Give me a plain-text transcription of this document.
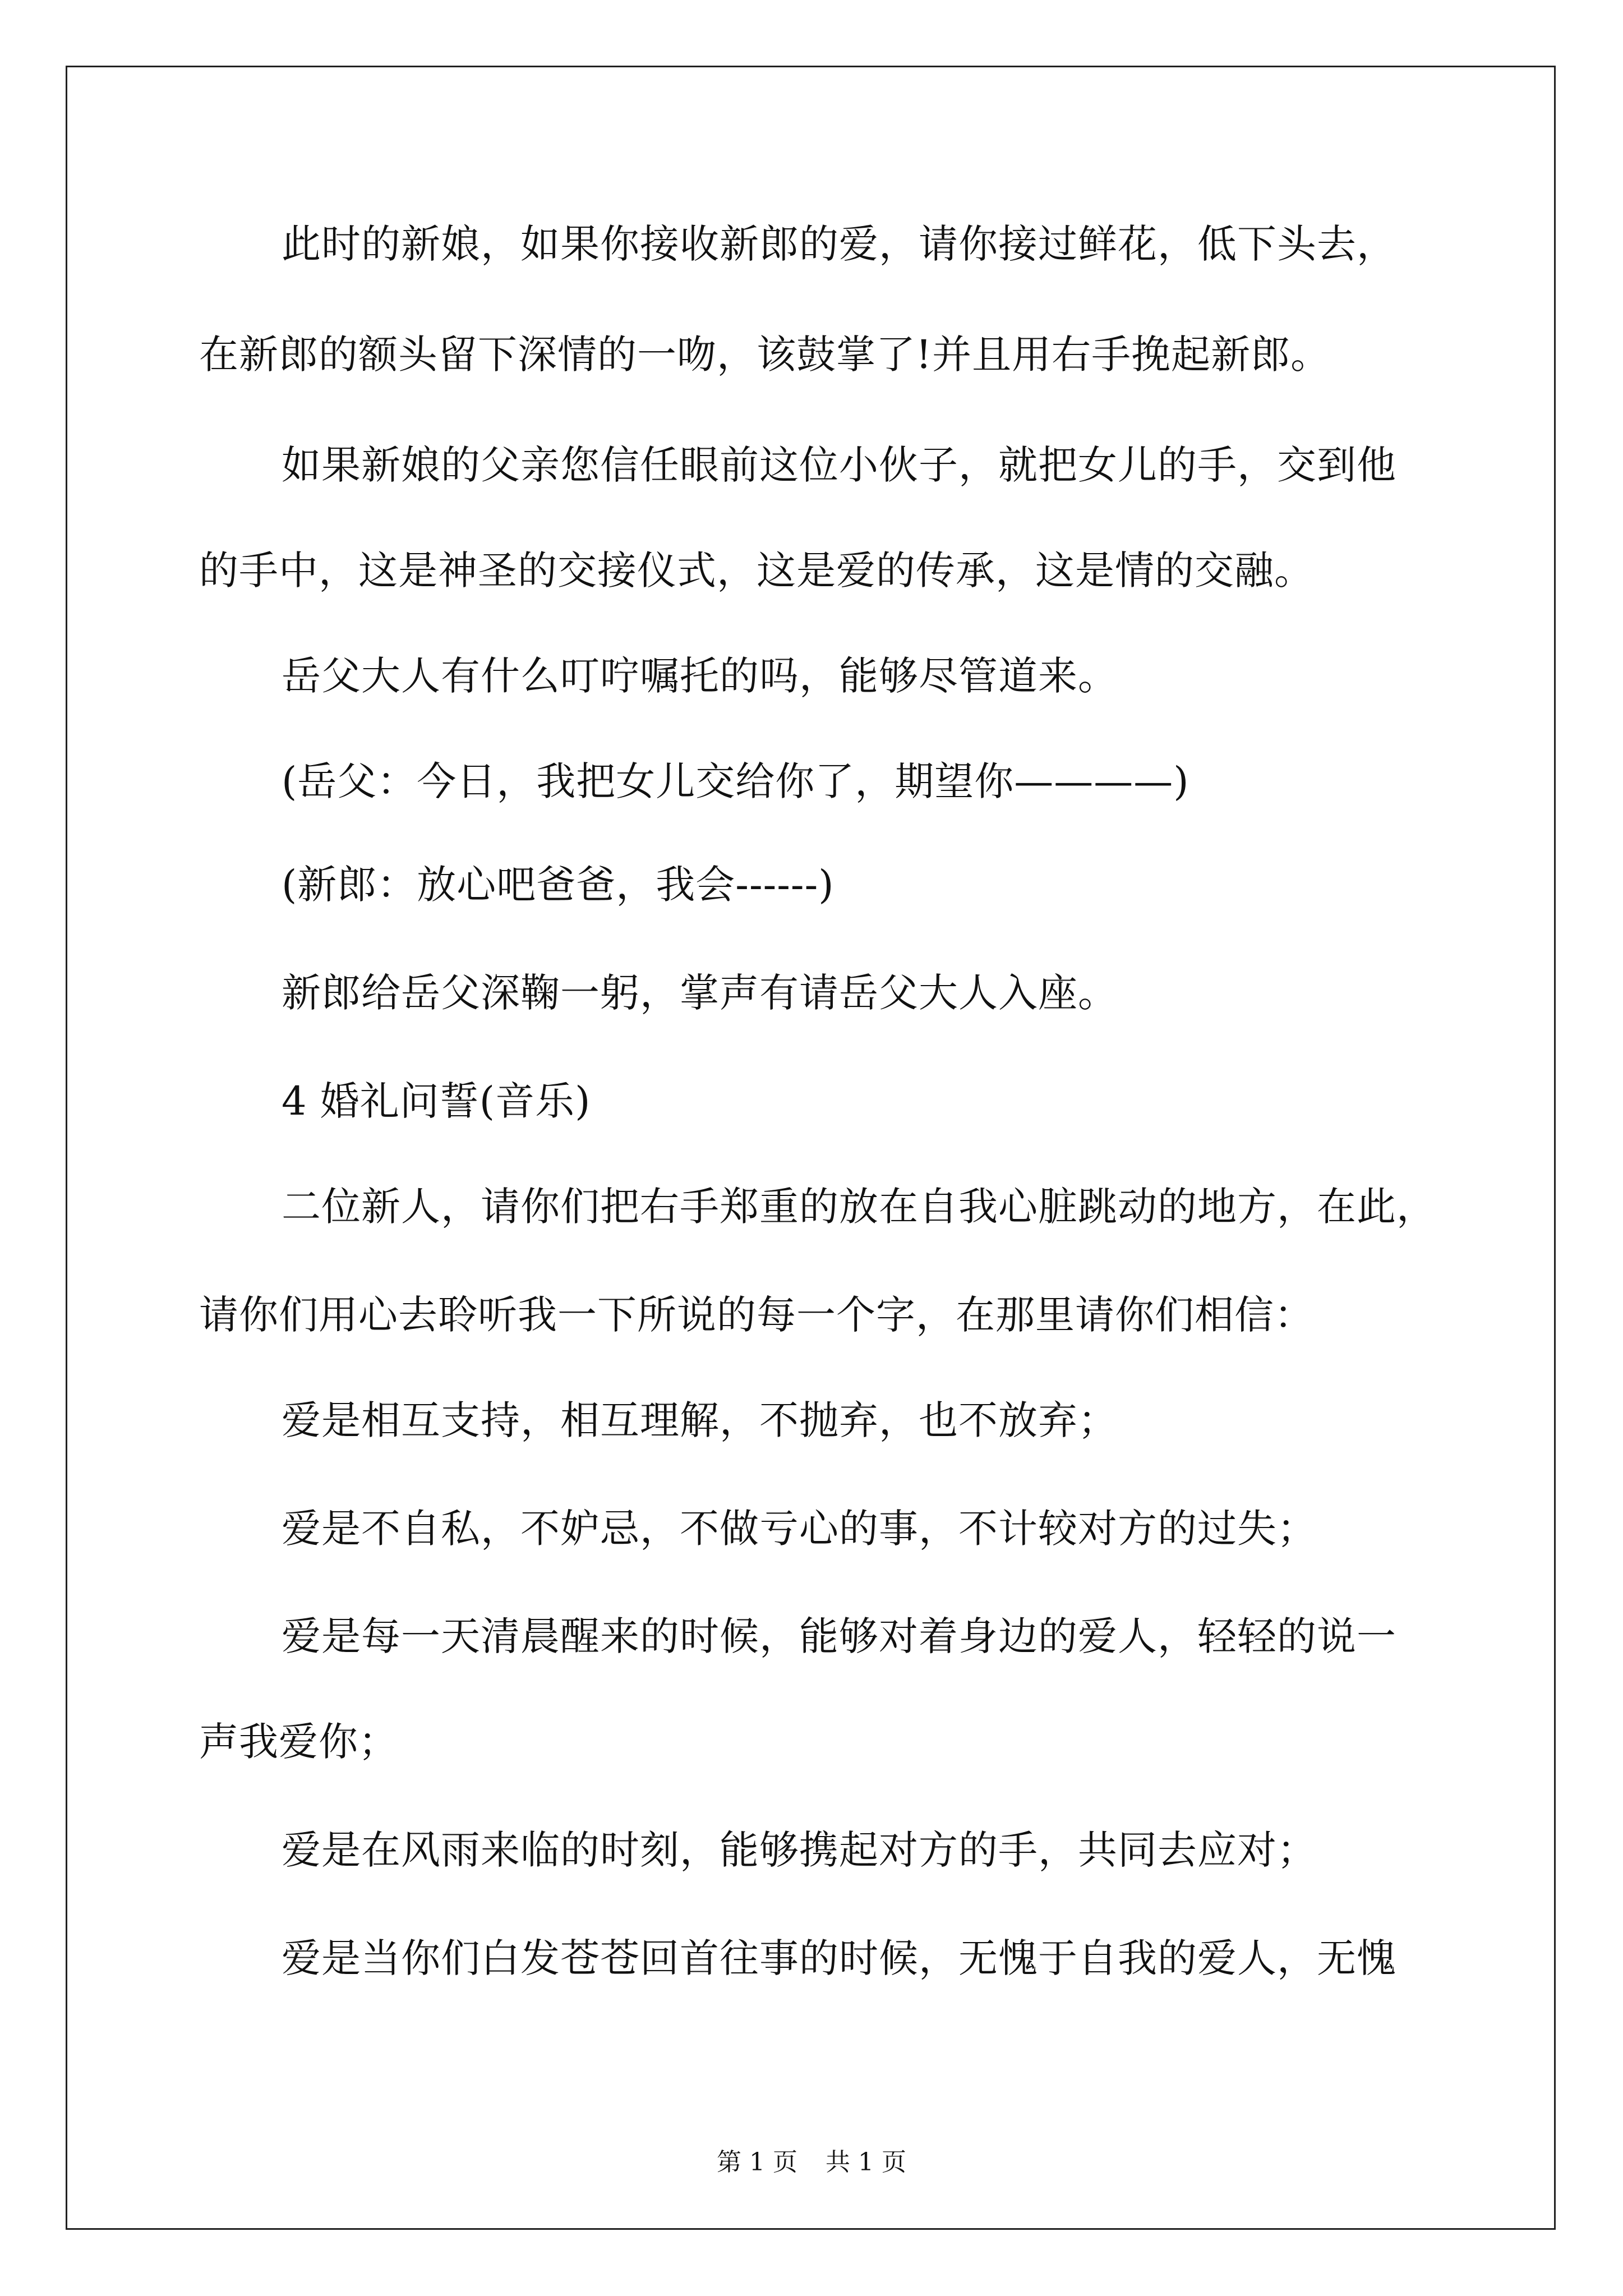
此时的新娘，如果你接收新郎的爱，请你接过鲜花，低下头去，
在新郎的额头留下深情的一吻，该鼓掌了!并且用右手挽起新郎。
如果新娘的父亲您信任眼前这位小伙子，就把女儿的手，交到他
的手中，这是神圣的交接仪式，这是爱的传承，这是情的交融。
岳父大人有什么叮咛嘱托的吗，能够尽管道来。
(岳父：今日，我把女儿交给你了，期望你————)
(新郎：放心吧爸爸，我会------)
新郎给岳父深鞠一躬，掌声有请岳父大人入座。
4 婚礼问誓(音乐)
二位新人，请你们把右手郑重的放在自我心脏跳动的地方，在此，
请你们用心去聆听我一下所说的每一个字，在那里请你们相信：
爱是相互支持，相互理解，不抛弃，也不放弃；
爱是不自私，不妒忌，不做亏心的事，不计较对方的过失；
爱是每一天清晨醒来的时候，能够对着身边的爱人，轻轻的说一
声我爱你；
爱是在风雨来临的时刻，能够携起对方的手，共同去应对；
爱是当你们白发苍苍回首往事的时候，无愧于自我的爱人，无愧
第 1 页 共 1 页
